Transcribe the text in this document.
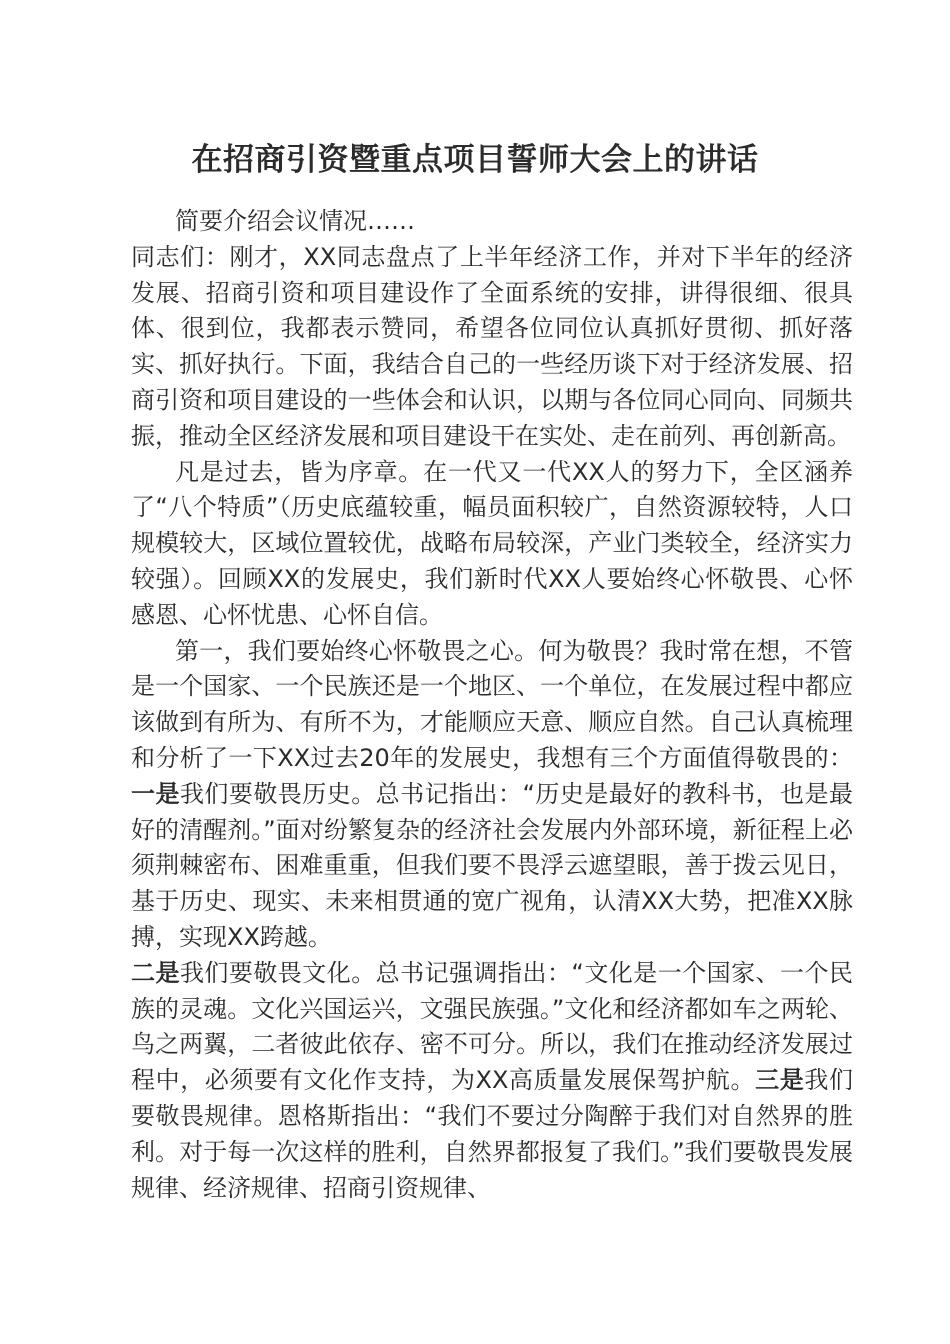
在招商引资暨重点项目誓师大会上的讲话

简要介绍会议情况……

同志们：刚才，XX同志盘点了上半年经济工作，并对下半年的经济发展、招商引资和项目建设作了全面系统的安排，讲得很细、很具体、很到位，我都表示赞同，希望各位同位认真抓好贯彻、抓好落实、抓好执行。下面，我结合自己的一些经历谈下对于经济发展、招商引资和项目建设的一些体会和认识，以期与各位同心同向、同频共振，推动全区经济发展和项目建设干在实处、走在前列、再创新高。

凡是过去，皆为序章。在一代又一代XX人的努力下，全区涵养了“八个特质”（历史底蕴较重，幅员面积较广，自然资源较特，人口规模较大，区域位置较优，战略布局较深，产业门类较全，经济实力较强）。回顾XX的发展史，我们新时代XX人要始终心怀敬畏、心怀感恩、心怀忧患、心怀自信。

第一，我们要始终心怀敬畏之心。何为敬畏？我时常在想，不管是一个国家、一个民族还是一个地区、一个单位，在发展过程中都应该做到有所为、有所不为，才能顺应天意、顺应自然。自己认真梳理和分析了一下XX过去20年的发展史，我想有三个方面值得敬畏的：一是我们要敬畏历史。总书记指出：“历史是最好的教科书，也是最好的清醒剂。”面对纷繁复杂的经济社会发展内外部环境，新征程上必须荆棘密布、困难重重，但我们要不畏浮云遮望眼，善于拨云见日，基于历史、现实、未来相贯通的宽广视角，认清XX大势，把准XX脉搏，实现XX跨越。

二是我们要敬畏文化。总书记强调指出：“文化是一个国家、一个民族的灵魂。文化兴国运兴，文强民族强。”文化和经济都如车之两轮、鸟之两翼，二者彼此依存、密不可分。所以，我们在推动经济发展过程中，必须要有文化作支持，为XX高质量发展保驾护航。三是我们要敬畏规律。恩格斯指出：“我们不要过分陶醉于我们对自然界的胜利。对于每一次这样的胜利，自然界都报复了我们。”我们要敬畏发展规律、经济规律、招商引资规律、
